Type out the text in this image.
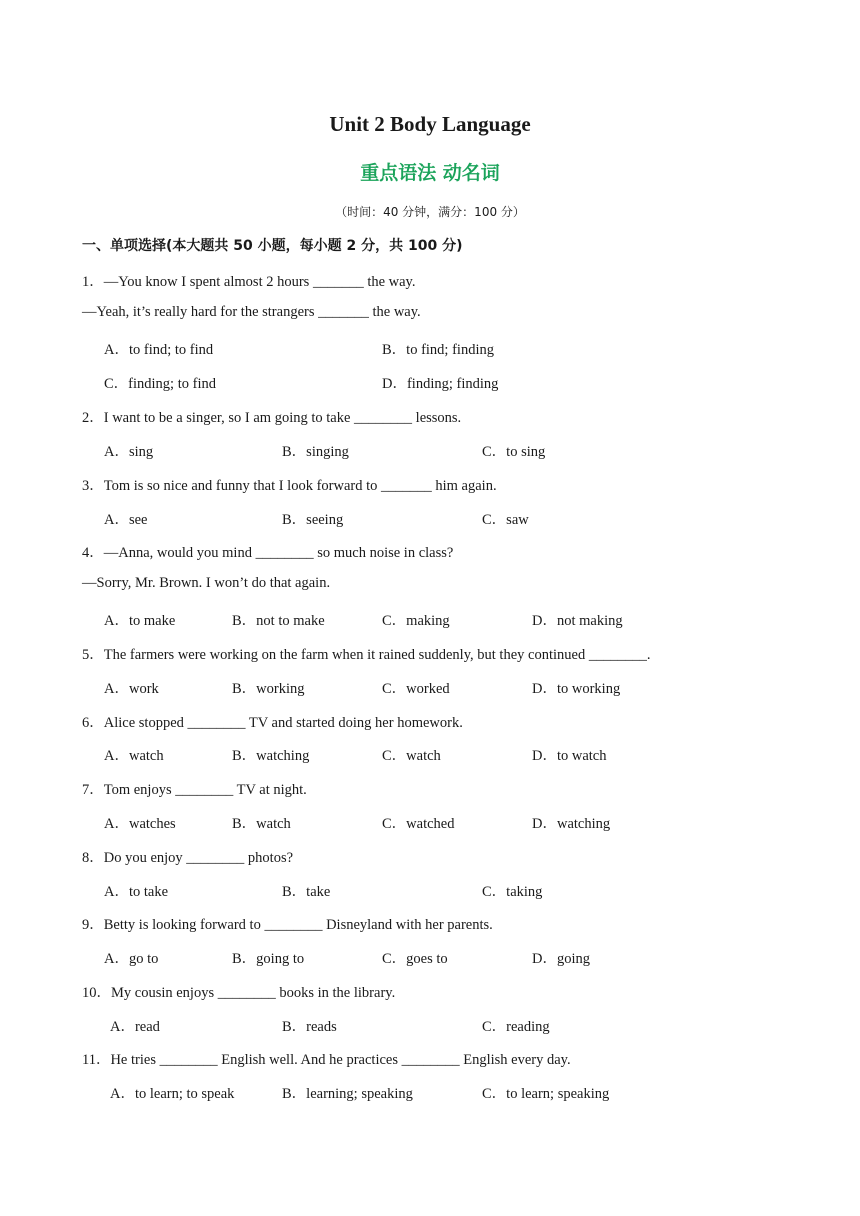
Unit 2 Body Language
重点语法 动名词
（时间：40 分钟，满分：100 分）
一、单项选择(本大题共 50 小题，每小题 2 分，共 100 分)
1．—You know I spent almost 2 hours _______ the way.
—Yeah, it’s really hard for the strangers _______ the way.
A．to find; to find	B．to find; finding
C．finding; to find	D．finding; finding
2．I want to be a singer, so I am going to take ________ lessons.
A．sing	B．singing	C．to sing
3．Tom is so nice and funny that I look forward to _______ him again.
A．see	B．seeing	C．saw
4．—Anna, would you mind ________ so much noise in class?
—Sorry, Mr. Brown. I won’t do that again.
A．to make	B．not to make	C．making	D．not making
5．The farmers were working on the farm when it rained suddenly, but they continued ________.
A．work	B．working	C．worked	D．to working
6．Alice stopped ________ TV and started doing her homework.
A．watch	B．watching	C．watch	D．to watch
7．Tom enjoys ________ TV at night.
A．watches	B．watch	C．watched	D．watching
8．Do you enjoy ________ photos?
A．to take	B．take	C．taking
9．Betty is looking forward to ________ Disneyland with her parents.
A．go to	B．going to	C．goes to	D．going
10．My cousin enjoys ________ books in the library.
A．read	B．reads	C．reading
11．He tries ________ English well. And he practices ________ English every day.
A．to learn; to speak	B．learning; speaking	C．to learn; speaking
